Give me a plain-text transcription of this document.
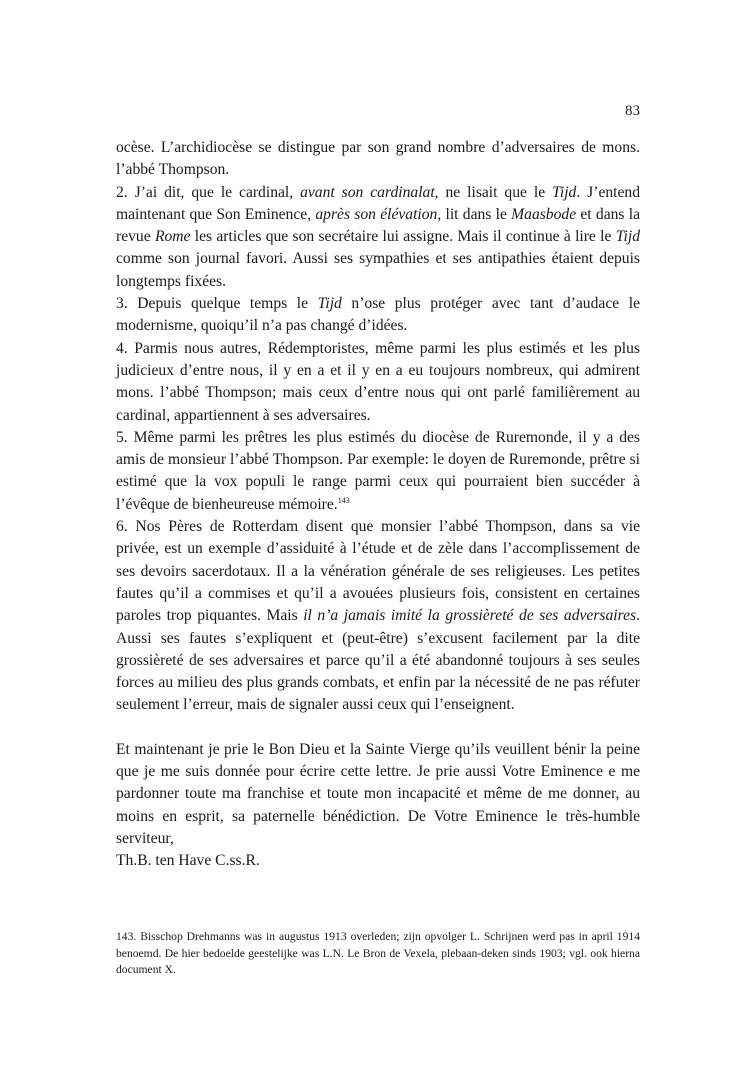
83

ocèse. L’archidiocèse se distingue par son grand nombre d’adversaires de mons. l’abbé Thompson.

2. J’ai dit, que le cardinal, avant son cardinalat, ne lisait que le Tijd. J’entend maintenant que Son Eminence, après son élévation, lit dans le Maasbode et dans la revue Rome les articles que son secrétaire lui assigne. Mais il continue à lire le Tijd comme son journal favori. Aussi ses sympathies et ses antipathies étaient depuis longtemps fixées.

3. Depuis quelque temps le Tijd n’ose plus protéger avec tant d’audace le modernisme, quoiqu’il n’a pas changé d’idées.

4. Parmis nous autres, Rédemptoristes, même parmi les plus estimés et les plus judicieux d’entre nous, il y en a et il y en a eu toujours nombreux, qui admirent mons. l’abbé Thompson; mais ceux d’entre nous qui ont parlé familièrement au cardinal, appartiennent à ses adversaires.

5. Même parmi les prêtres les plus estimés du diocèse de Ruremonde, il y a des amis de monsieur l’abbé Thompson. Par exemple: le doyen de Ruremonde, prêtre si estimé que la vox populi le range parmi ceux qui pourraient bien succéder à l’évêque de bienheureuse mémoire.$^{143}$

6. Nos Pères de Rotterdam disent que monsier l’abbé Thompson, dans sa vie privée, est un exemple d’assiduité à l’étude et de zèle dans l’accomplissement de ses devoirs sacerdotaux. Il a la vénération générale de ses religieuses. Les petites fautes qu’il a commises et qu’il a avouées plusieurs fois, consistent en certaines paroles trop piquantes. Mais il n’a jamais imité la grossièreté de ses adversaires. Aussi ses fautes s’expliquent et (peut-être) s’excusent facilement par la dite grossièreté de ses adversaires et parce qu’il a été abandonné toujours à ses seules forces au milieu des plus grands combats, et enfin par la nécessité de ne pas réfuter seulement l’erreur, mais de signaler aussi ceux qui l’enseignent.

Et maintenant je prie le Bon Dieu et la Sainte Vierge qu’ils veuillent bénir la peine que je me suis donnée pour écrire cette lettre. Je prie aussi Votre Eminence e me pardonner toute ma franchise et toute mon incapacité et même de me donner, au moins en esprit, sa paternelle bénédiction. De Votre Eminence le très-humble serviteur,

Th.B. ten Have C.ss.R.

143. Bisschop Drehmanns was in augustus 1913 overleden; zijn opvolger L. Schrijnen werd pas in april 1914 benoemd. De hier bedoelde geestelijke was L.N. Le Bron de Vexela, plebaan-deken sinds 1903; vgl. ook hierna document X.
